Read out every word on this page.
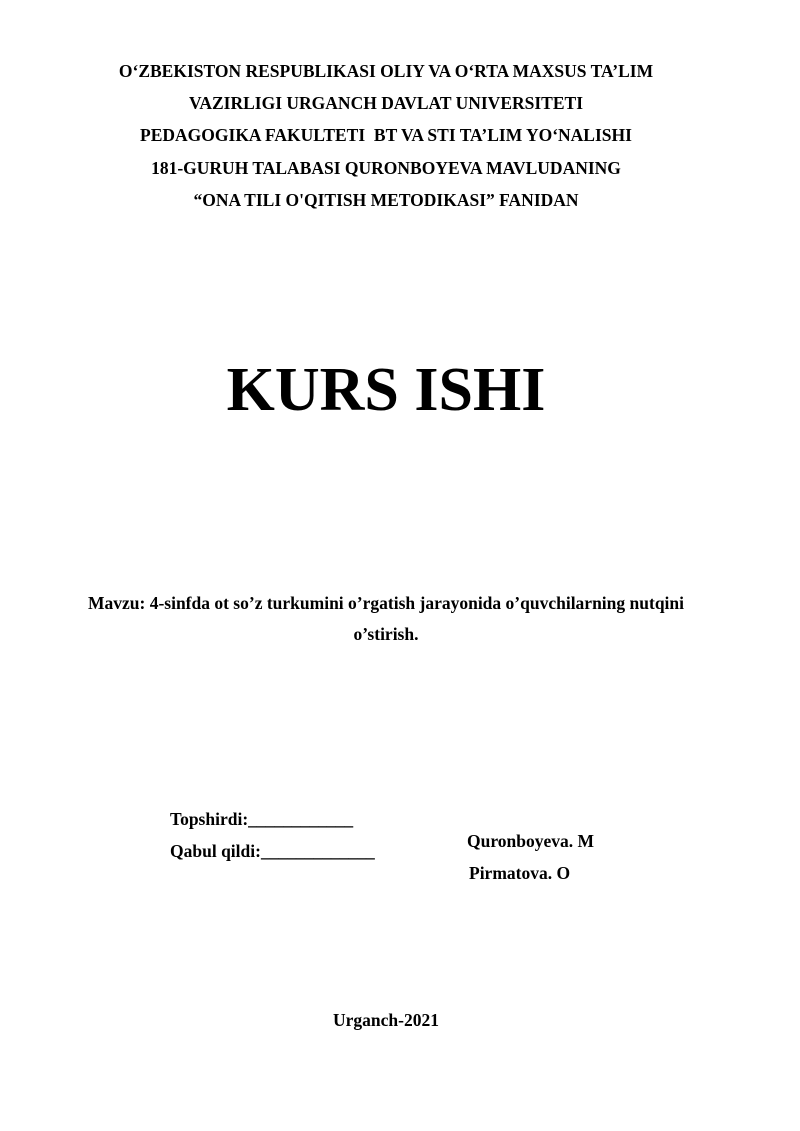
O‘ZBEKISTON RESPUBLIKASI OLIY VA O‘RTA MAXSUS TA’LIM
VAZIRLIGI URGANCH DAVLAT UNIVERSITETI
PEDAGOGIKA FAKULTETI  BT VA STI TA’LIM YO‘NALISHI
181-GURUH TALABASI QURONBOYEVA MAVLUDANING
“ONA TILI O'QITISH METODIKASI” FANIDAN
KURS ISHI
Mavzu: 4-sinfda ot so’z turkumini o’rgatish jarayonida o’quvchilarning nutqini
o’stirish.

Topshirdi:____________

Quronboyeva. M

Qabul qildi:_____________

Pirmatova. O

Urganch-2021
